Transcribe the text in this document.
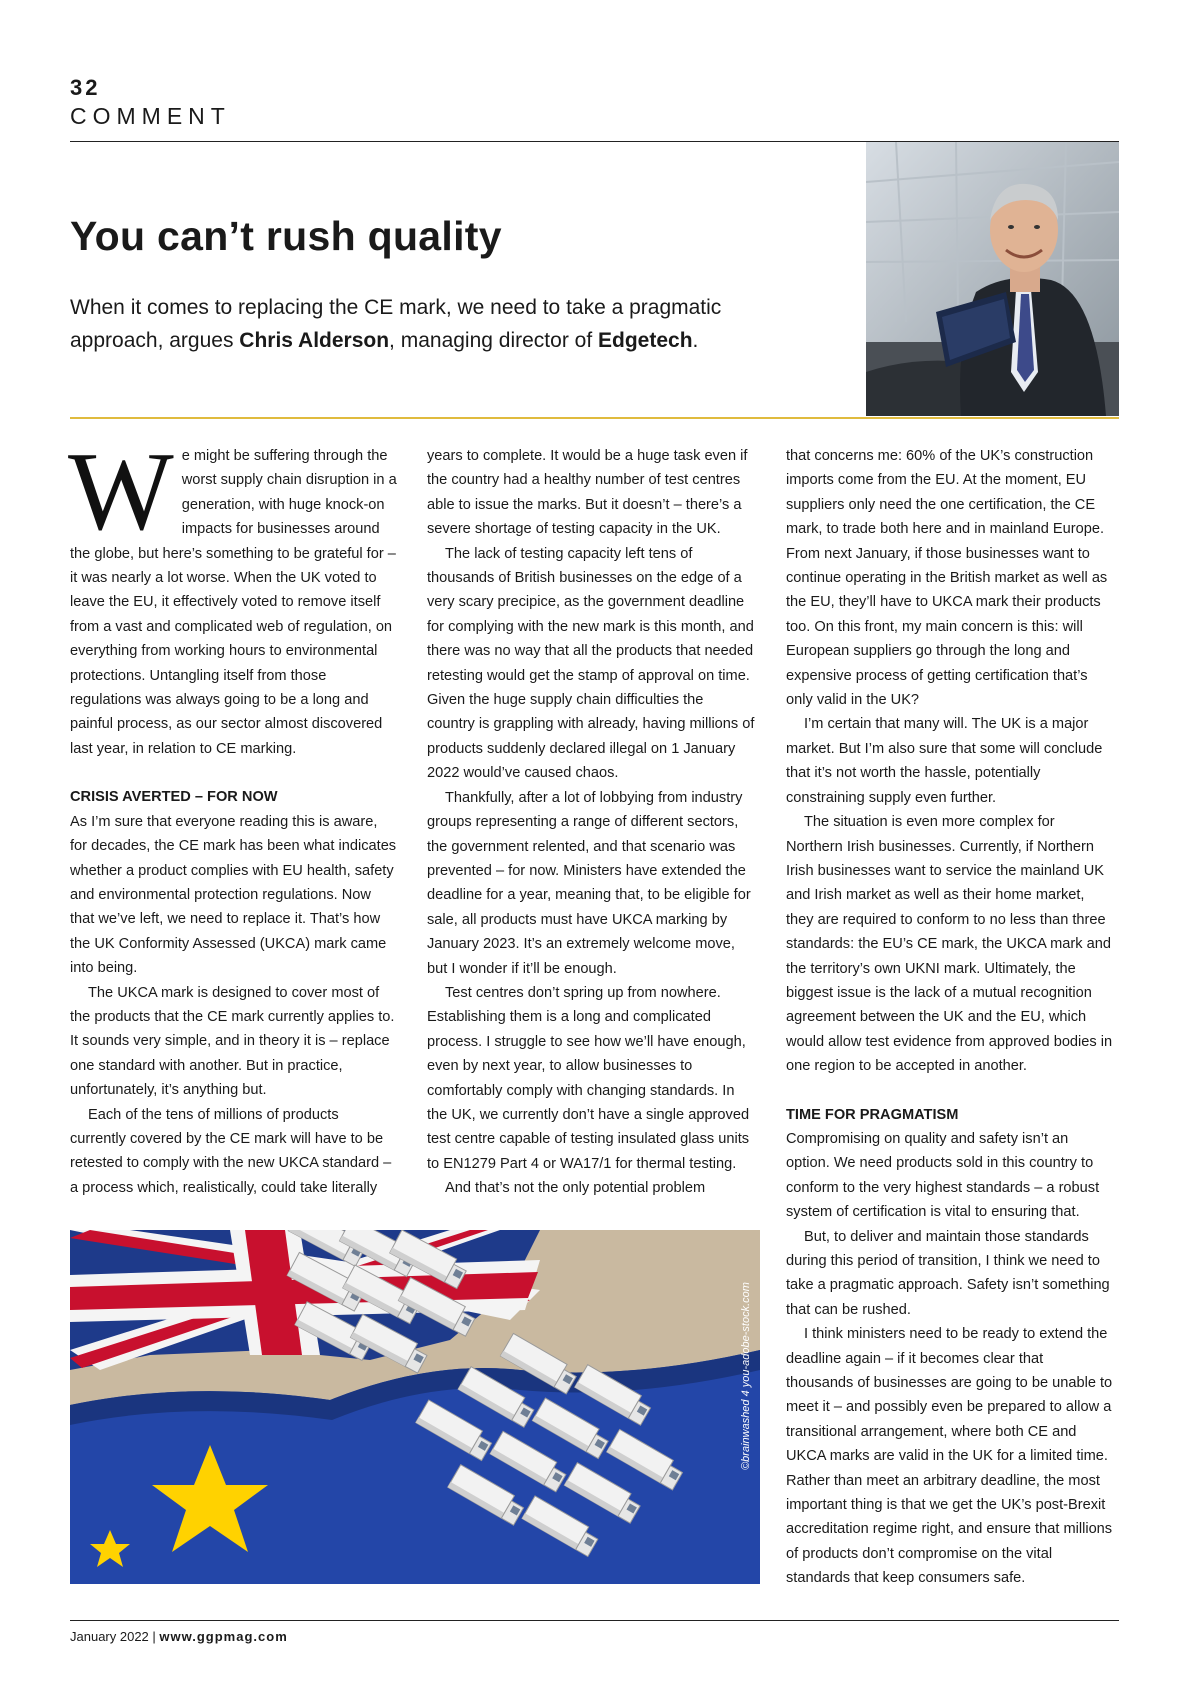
32
COMMENT
You can’t rush quality

When it comes to replacing the CE mark, we need to take a pragmatic approach, argues Chris Alderson, managing director of Edgetech.

W e might be suffering through the worst supply chain disruption in a generation, with huge knock-on impacts for businesses around the globe, but here’s something to be grateful for – it was nearly a lot worse. When the UK voted to leave the EU, it effectively voted to remove itself from a vast and complicated web of regulation, on everything from working hours to environmental protections. Untangling itself from those regulations was always going to be a long and painful process, as our sector almost discovered last year, in relation to CE marking.

CRISIS AVERTED – FOR NOW

As I’m sure that everyone reading this is aware, for decades, the CE mark has been what indicates whether a product complies with EU health, safety and environmental protection regulations. Now that we’ve left, we need to replace it. That’s how the UK Conformity Assessed (UKCA) mark came into being.

The UKCA mark is designed to cover most of the products that the CE mark currently applies to. It sounds very simple, and in theory it is – replace one standard with another. But in practice, unfortunately, it’s anything but.

Each of the tens of millions of products currently covered by the CE mark will have to be retested to comply with the new UKCA standard – a process which, realistically, could take literally

years to complete. It would be a huge task even if the country had a healthy number of test centres able to issue the marks. But it doesn’t – there’s a severe shortage of testing capacity in the UK.

The lack of testing capacity left tens of thousands of British businesses on the edge of a very scary precipice, as the government deadline for complying with the new mark is this month, and there was no way that all the products that needed retesting would get the stamp of approval on time. Given the huge supply chain difficulties the country is grappling with already, having millions of products suddenly declared illegal on 1 January 2022 would’ve caused chaos.

Thankfully, after a lot of lobbying from industry groups representing a range of different sectors, the government relented, and that scenario was prevented – for now. Ministers have extended the deadline for a year, meaning that, to be eligible for sale, all products must have UKCA marking by January 2023. It’s an extremely welcome move, but I wonder if it’ll be enough.

Test centres don’t spring up from nowhere. Establishing them is a long and complicated process. I struggle to see how we’ll have enough, even by next year, to allow businesses to comfortably comply with changing standards. In the UK, we currently don’t have a single approved test centre capable of testing insulated glass units to EN1279 Part 4 or WA17/1 for thermal testing.

And that’s not the only potential problem

that concerns me: 60% of the UK’s construction imports come from the EU. At the moment, EU suppliers only need the one certification, the CE mark, to trade both here and in mainland Europe. From next January, if those businesses want to continue operating in the British market as well as the EU, they’ll have to UKCA mark their products too. On this front, my main concern is this: will European suppliers go through the long and expensive process of getting certification that’s only valid in the UK?

I’m certain that many will. The UK is a major market. But I’m also sure that some will conclude that it’s not worth the hassle, potentially constraining supply even further.

The situation is even more complex for Northern Irish businesses. Currently, if Northern Irish businesses want to service the mainland UK and Irish market as well as their home market, they are required to conform to no less than three standards: the EU’s CE mark, the UKCA mark and the territory’s own UKNI mark. Ultimately, the biggest issue is the lack of a mutual recognition agreement between the UK and the EU, which would allow test evidence from approved bodies in one region to be accepted in another.

TIME FOR PRAGMATISM

Compromising on quality and safety isn’t an option. We need products sold in this country to conform to the very highest standards – a robust system of certification is vital to ensuring that.

But, to deliver and maintain those standards during this period of transition, I think we need to take a pragmatic approach. Safety isn’t something that can be rushed.

I think ministers need to be ready to extend the deadline again – if it becomes clear that thousands of businesses are going to be unable to meet it – and possibly even be prepared to allow a transitional arrangement, where both CE and UKCA marks are valid in the UK for a limited time. Rather than meet an arbitrary deadline, the most important thing is that we get the UK’s post-Brexit accreditation regime right, and ensure that millions of products don’t compromise on the vital standards that keep consumers safe.

©brainwashed 4 you-adobe-stock.com
January 2022 | www.ggpmag.com
